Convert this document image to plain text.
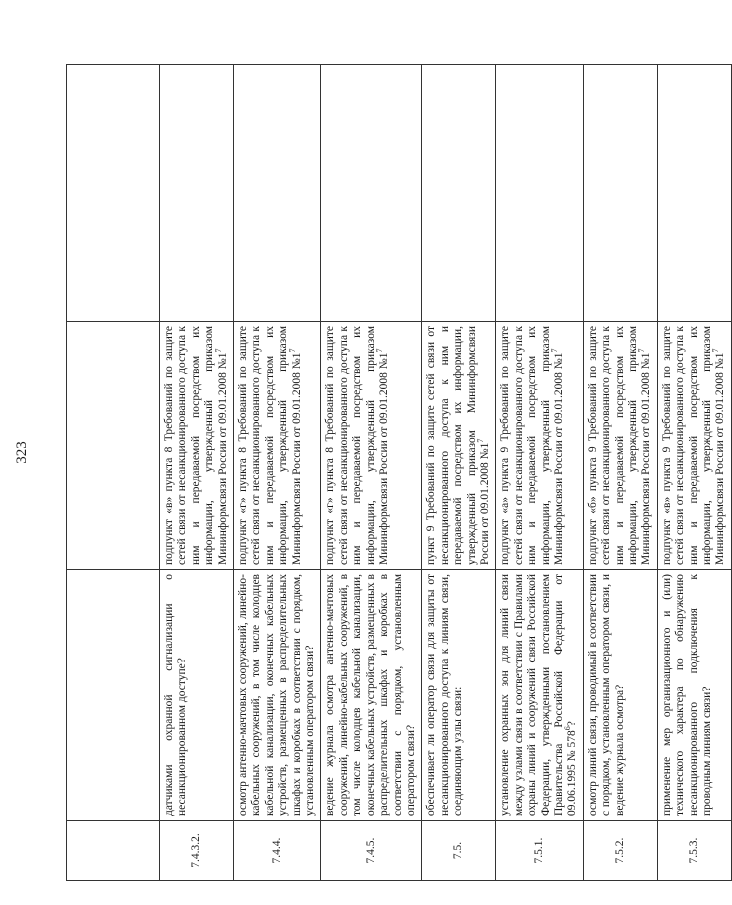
323

7.4.3.2.	датчиками охранной сигнализации о несанкционированном доступе?	подпункт «в» пункта 8 Требований по защите сетей связи от несанкционированного доступа к ним и передаваемой посредством их информации, утвержденный приказом Мининформсвязи России от 09.01.2008 $№1^7$	
7.4.4.	осмотр антенно-мачтовых сооружений, линейно-кабельных сооружений, в том числе колодцев кабельной канализации, оконечных кабельных устройств, размещенных в распределительных шкафах и коробках в соответствии с порядком, установленным оператором связи?	подпункт «г» пункта 8 Требований по защите сетей связи от несанкционированного доступа к ним и передаваемой посредством их информации, утвержденный приказом Мининформсвязи России от 09.01.2008 $№1^7$	
7.4.5.	ведение журнала осмотра антенно-мачтовых сооружений, линейно-кабельных сооружений, в том числе колодцев кабельной канализации, оконечных кабельных устройств, размещенных в распределительных шкафах и коробках в соответствии с порядком, установленным оператором связи?	подпункт «г» пункта 8 Требований по защите сетей связи от несанкционированного доступа к ним и передаваемой посредством их информации, утвержденный приказом Мининформсвязи России от 09.01.2008 $№1^7$	
7.5.	обеспечивает ли оператор связи для защиты от несанкционированного доступа к линиям связи, соединяющим узлы связи:	пункт 9 Требований по защите сетей связи от несанкционированного доступа к ним и передаваемой посредством их информации, утвержденный приказом Мининформсвязи России от 09.01.2008 $№1^7$	
7.5.1.	установление охранных зон для линий связи между узлами связи в соответствии с Правилами охраны линий и сооружений связи Российской Федерации, утвержденными постановлением Правительства Российской Федерации от 09.06.1995 № $578^6$?	подпункт «а» пункта 9 Требований по защите сетей связи от несанкционированного доступа к ним и передаваемой посредством их информации, утвержденный приказом Мининформсвязи России от 09.01.2008 $№1^7$	
7.5.2.	осмотр линий связи, проводимый в соответствии с порядком, установленным оператором связи, и ведение журнала осмотра?	подпункт «б» пункта 9 Требований по защите сетей связи от несанкционированного доступа к ним и передаваемой посредством их информации, утвержденный приказом Мининформсвязи России от 09.01.2008 $№1^7$	
7.5.3.	применение мер организационного и (или) технического характера по обнаружению несанкционированного подключения к проводным линиям связи?	подпункт «в» пункта 9 Требований по защите сетей связи от несанкционированного доступа к ним и передаваемой посредством их информации, утвержденный приказом Мининформсвязи России от 09.01.2008 $№1^7$	
